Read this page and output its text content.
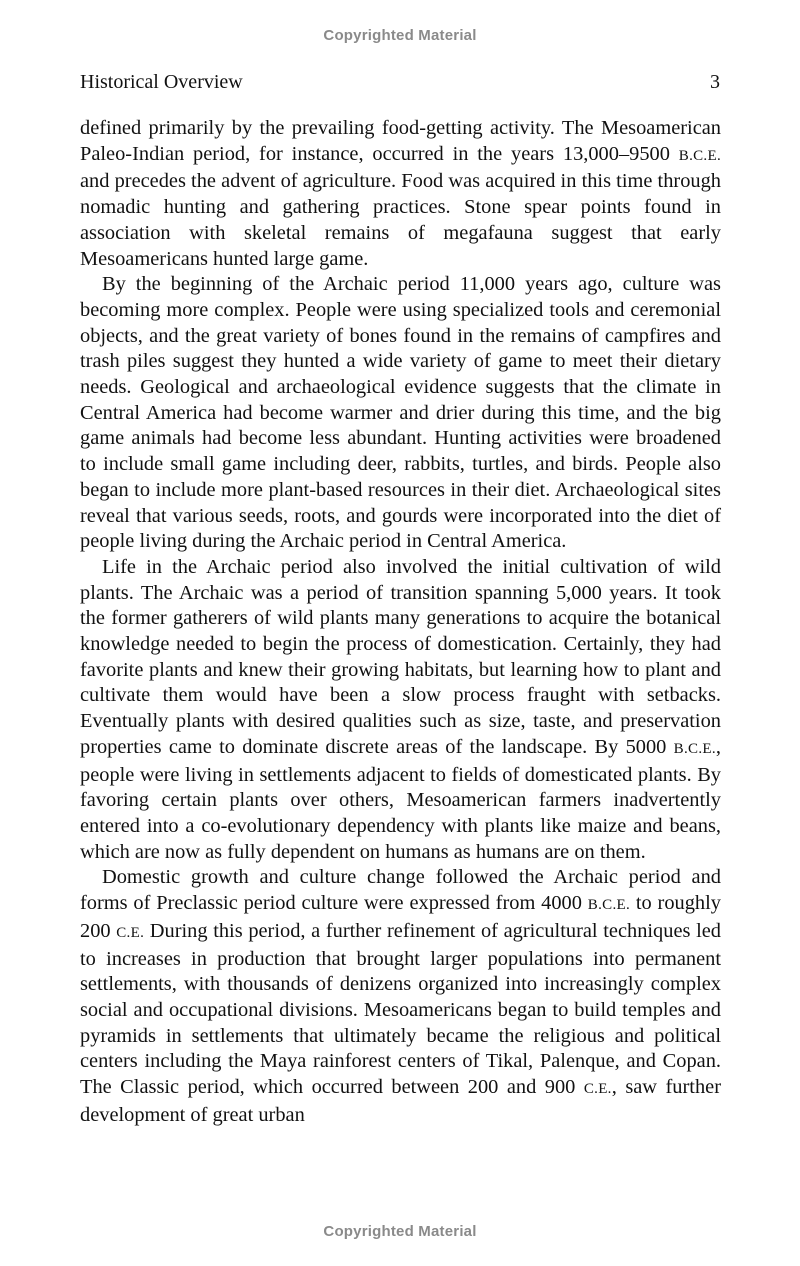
Copyrighted Material
Historical Overview	3

defined primarily by the prevailing food-getting activity. The Mesoamerican Paleo-Indian period, for instance, occurred in the years 13,000–9500 B.C.E. and precedes the advent of agriculture. Food was acquired in this time through nomadic hunting and gathering practices. Stone spear points found in association with skeletal remains of megafauna suggest that early Mesoamericans hunted large game.

By the beginning of the Archaic period 11,000 years ago, culture was becoming more complex. People were using specialized tools and ceremonial objects, and the great variety of bones found in the remains of campfires and trash piles suggest they hunted a wide variety of game to meet their dietary needs. Geological and archaeological evidence suggests that the climate in Central America had become warmer and drier during this time, and the big game animals had become less abundant. Hunting activities were broadened to include small game including deer, rabbits, turtles, and birds. People also began to include more plant-based resources in their diet. Archaeological sites reveal that various seeds, roots, and gourds were incorporated into the diet of people living during the Archaic period in Central America.

Life in the Archaic period also involved the initial cultivation of wild plants. The Archaic was a period of transition spanning 5,000 years. It took the former gatherers of wild plants many generations to acquire the botanical knowledge needed to begin the process of domestication. Certainly, they had favorite plants and knew their growing habitats, but learning how to plant and cultivate them would have been a slow process fraught with setbacks. Eventually plants with desired qualities such as size, taste, and preservation properties came to dominate discrete areas of the landscape. By 5000 B.C.E., people were living in settlements adjacent to fields of domesticated plants. By favoring certain plants over others, Mesoamerican farmers inadvertently entered into a co-evolutionary dependency with plants like maize and beans, which are now as fully dependent on humans as humans are on them.

Domestic growth and culture change followed the Archaic period and forms of Preclassic period culture were expressed from 4000 B.C.E. to roughly 200 C.E. During this period, a further refinement of agricultural techniques led to increases in production that brought larger populations into permanent settlements, with thousands of denizens organized into increasingly complex social and occupational divisions. Mesoamericans began to build temples and pyramids in settlements that ultimately became the religious and political centers including the Maya rainforest centers of Tikal, Palenque, and Copan. The Classic period, which occurred between 200 and 900 C.E., saw further development of great urban

Copyrighted Material
